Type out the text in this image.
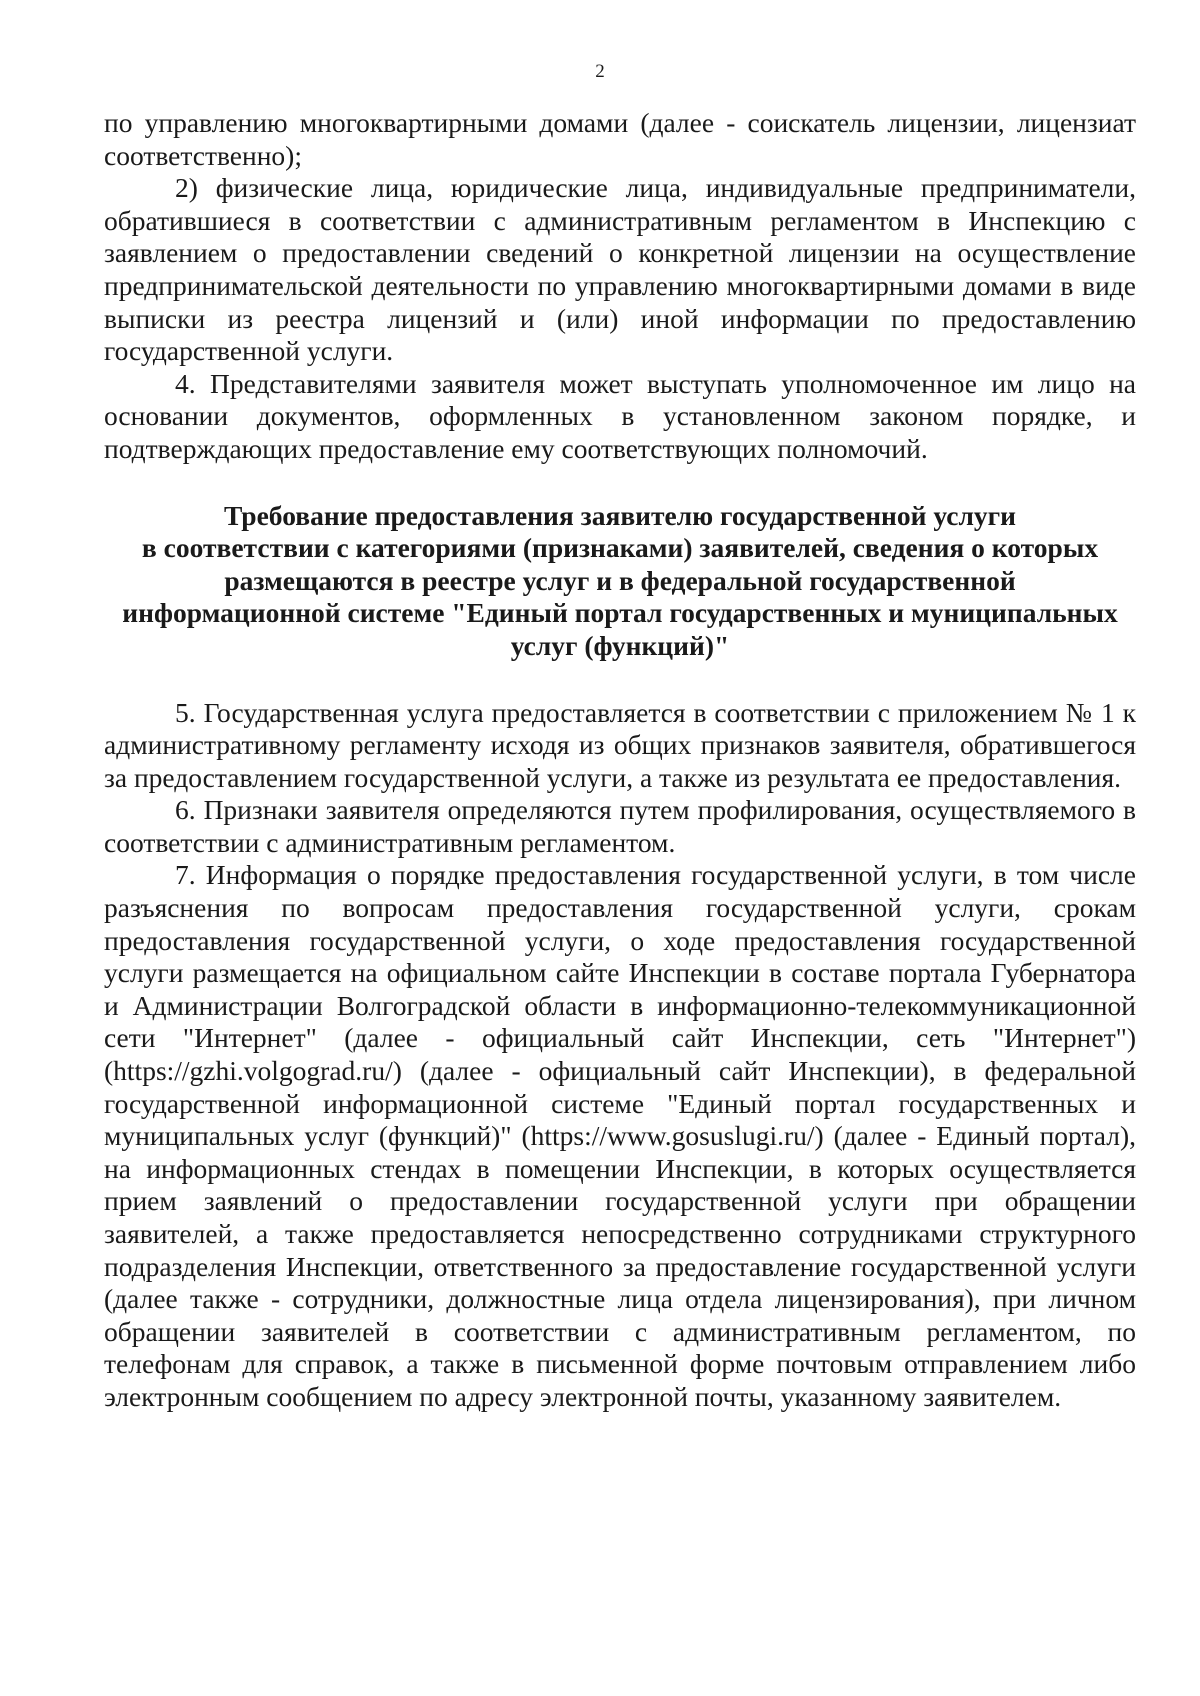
2

по управлению многоквартирными домами (далее - соискатель лицензии, лицензиат соответственно);

2) физические лица, юридические лица, индивидуальные предприниматели, обратившиеся в соответствии с административным регламентом в Инспекцию с заявлением о предоставлении сведений о конкретной лицензии на осуществление предпринимательской деятельности по управлению многоквартирными домами в виде выписки из реестра лицензий и (или) иной информации по предоставлению государственной услуги.

4. Представителями заявителя может выступать уполномоченное им лицо на основании документов, оформленных в установленном законом порядке, и подтверждающих предоставление ему соответствующих полномочий.

Требование предоставления заявителю государственной услуги
в соответствии с категориями (признаками) заявителей, сведения о которых
размещаются в реестре услуг и в федеральной государственной
информационной системе "Единый портал государственных и муниципальных
услуг (функций)"

5. Государственная услуга предоставляется в соответствии с приложением № 1 к административному регламенту исходя из общих признаков заявителя, обратившегося за предоставлением государственной услуги, а также из результата ее предоставления.

6. Признаки заявителя определяются путем профилирования, осуществляемого в соответствии с административным регламентом.

7. Информация о порядке предоставления государственной услуги, в том числе разъяснения по вопросам предоставления государственной услуги, срокам предоставления государственной услуги, о ходе предоставления государственной услуги размещается на официальном сайте Инспекции в составе портала Губернатора и Администрации Волгоградской области в информационно-телекоммуникационной сети "Интернет" (далее - официальный сайт Инспекции, сеть "Интернет") (https://gzhi.volgograd.ru/) (далее - официальный сайт Инспекции), в федеральной государственной информационной системе "Единый портал государственных и муниципальных услуг (функций)" (https://www.gosuslugi.ru/) (далее - Единый портал), на информационных стендах в помещении Инспекции, в которых осуществляется прием заявлений о предоставлении государственной услуги при обращении заявителей, а также предоставляется непосредственно сотрудниками структурного подразделения Инспекции, ответственного за предоставление государственной услуги (далее также - сотрудники, должностные лица отдела лицензирования), при личном обращении заявителей в соответствии с административным регламентом, по телефонам для справок, а также в письменной форме почтовым отправлением либо электронным сообщением по адресу электронной почты, указанному заявителем.
